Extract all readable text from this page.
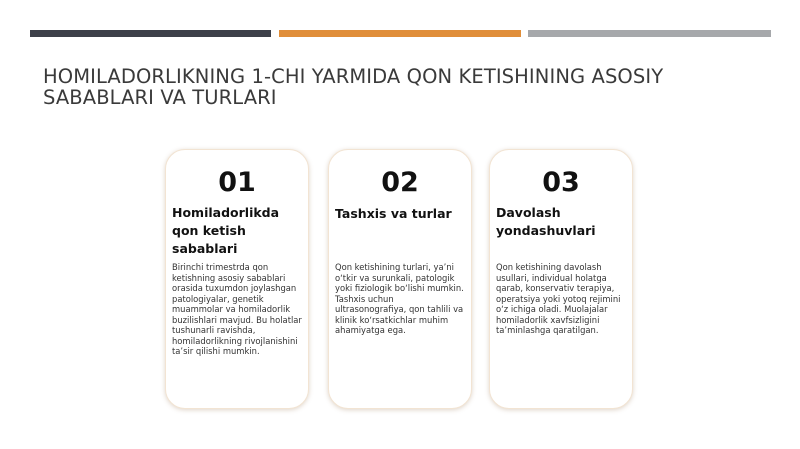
HOMILADORLIKNING 1-CHI YARMIDA QON KETISHINING ASOSIY SABABLARI VA TURLARI
01
Homiladorlikda qon ketish sabablari
Birinchi trimestrda qon ketishning asosiy sabablari orasida tuxumdon joylashgan patologiyalar, genetik muammolar va homiladorlik buzilishlari mavjud. Bu holatlar tushunarli ravishda, homiladorlikning rivojlanishini ta’sir qilishi mumkin.
02
Tashxis va turlar
Qon ketishining turlari, ya’ni o‘tkir va surunkali, patologik yoki fiziologik bo‘lishi mumkin. Tashxis uchun ultrasonografiya, qon tahlili va klinik ko‘rsatkichlar muhim ahamiyatga ega.
03
Davolash yondashuvlari
Qon ketishining davolash usullari, individual holatga qarab, konservativ terapiya, operatsiya yoki yotoq rejimini o‘z ichiga oladi. Muolajalar homiladorlik xavfsizligini ta’minlashga qaratilgan.
